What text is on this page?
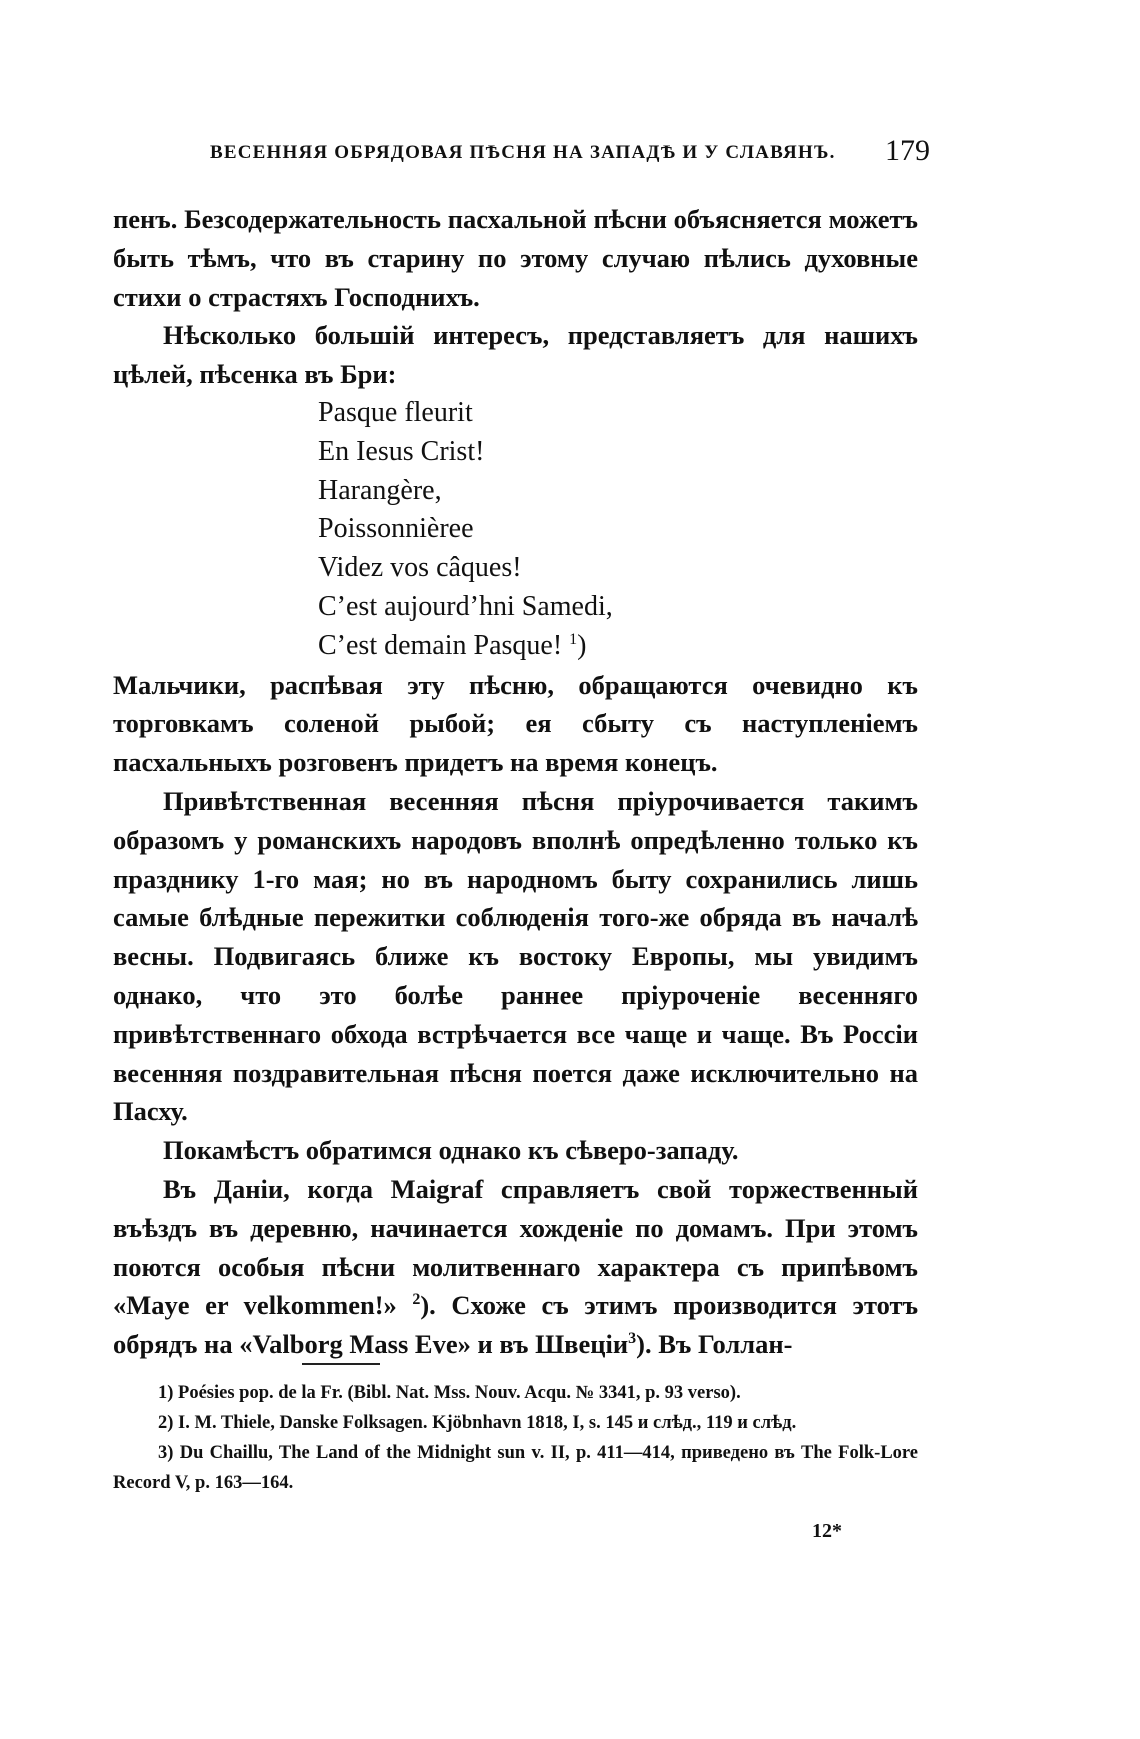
ВЕСЕННЯЯ ОБРЯДОВАЯ ПѢСНЯ НА ЗАПАДѢ И У СЛАВЯНЪ. 179

пенъ. Безсодержательность пасхальной пѣсни объясняется можетъ быть тѣмъ, что въ старину по этому случаю пѣлись духовные стихи о страстяхъ Господнихъ.

Нѣсколько большiй интересъ, представляетъ для нашихъ цѣлей, пѣсенка въ Бри:

Pasque fleurit
En Iesus Crist!
Harangère,
Poissonnièree
Videz vos câques!
C’est aujourd’hni Samedi,
C’est demain Pasque! $^1$)

Мальчики, распѣвая эту пѣсню, обращаются очевидно къ торговкамъ соленой рыбой; ея сбыту съ наступленiемъ пасхальныхъ розговенъ придетъ на время конецъ.

Привѣтственная весенняя пѣсня прiурочивается такимъ образомъ у романскихъ народовъ вполнѣ опредѣленно только къ празднику 1-го мая; но въ народномъ быту сохранились лишь самые блѣдные пережитки соблюденiя того-же обряда въ началѣ весны. Подвигаясь ближе къ востоку Европы, мы увидимъ однако, что это болѣе раннее прiуроченiе весенняго привѣтственнаго обхода встрѣчается все чаще и чаще. Въ Россiи весенняя поздравительная пѣсня поется даже исключительно на Пасху.

Покамѣстъ обратимся однако къ сѣверо-западу.

Въ Данiи, когда Maigraf справляетъ свой торжественный въѣздъ въ деревню, начинается хожденiе по домамъ. При этомъ поются особыя пѣсни молитвеннаго характера съ припѣвомъ «Maye er velkommen!» $^2$). Схоже съ этимъ производится этотъ обрядъ на «Valborg Mass Eve» и въ Швецiи$^3$). Въ Голлан-

1) Poésies pop. de la Fr. (Bibl. Nat. Mss. Nouv. Acqu. № 3341, p. 93 verso).

2) I. M. Thiele, Danske Folksagen. Kjöbnhavn 1818, I, s. 145 и слѣд., 119 и слѣд.

3) Du Chaillu, The Land of the Midnight sun v. II, p. 411—414, приведено въ The Folk-Lore Record V, p. 163—164.

12*
